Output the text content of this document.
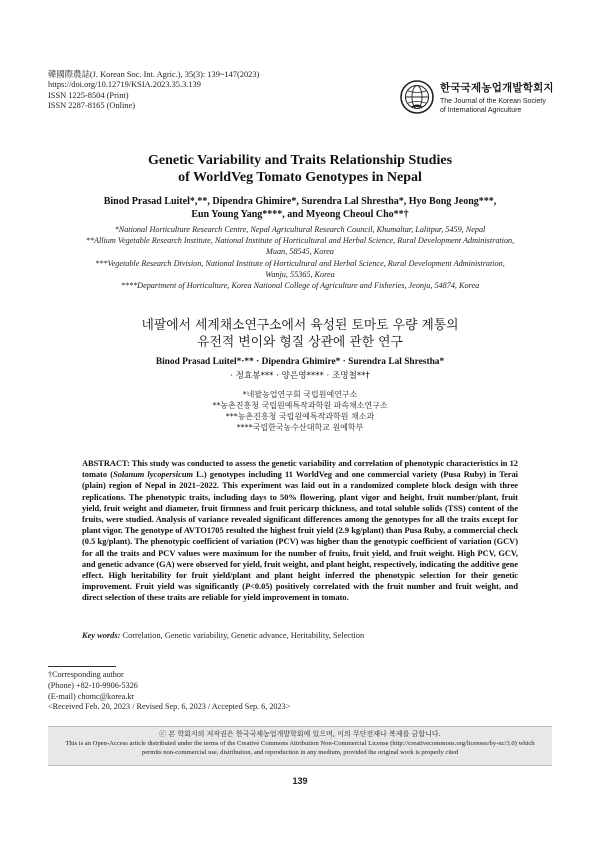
韓國際農誌(J. Korean Soc. Int. Agric.), 35(3): 139~147(2023)
https://doi.org/10.12719/KSIA.2023.35.3.139
ISSN 1225-8504 (Print)
ISSN 2287-8165 (Online)
한국국제농업개발학회지
The Journal of the Korean Society
of International Agriculture
Genetic Variability and Traits Relationship Studies
of WorldVeg Tomato Genotypes in Nepal
Binod Prasad Luitel*,**, Dipendra Ghimire*, Surendra Lal Shrestha*, Hyo Bong Jeong***,
Eun Young Yang****, and Myeong Cheoul Cho**†
*National Horticulture Research Centre, Nepal Agricultural Research Council, Khumaltar, Lalitpur, 5459, Nepal
**Allium Vegetable Research Institute, National Institute of Horticultural and Herbal Science, Rural Development Administration,
Muan, 58545, Korea
***Vegetable Research Division, National Institute of Horticultural and Herbal Science, Rural Development Administration,
Wanju, 55365, Korea
****Department of Horticulture, Korea National College of Agriculture and Fisheries, Jeonju, 54874, Korea
네팔에서 세계채소연구소에서 육성된 토마토 우량 계통의
유전적 변이와 형질 상관에 관한 연구
Binod Prasad Luitel*·** · Dipendra Ghimire* · Surendra Lal Shrestha*
· 정효봉*** · 양은영**** · 조명철**†
*네팔농업연구회 국립원예연구소
**농촌진흥청 국립원예특작과학원 파속채소연구소
***농촌진흥청 국립원예특작과학원 채소과
****국립한국농수산대학교 원예학부
ABSTRACT: This study was conducted to assess the genetic variability and correlation of phenotypic characteristics in 12 tomato (Solanum lycopersicum L.) genotypes including 11 WorldVeg and one commercial variety (Pusa Ruby) in Terai (plain) region of Nepal in 2021–2022. This experiment was laid out in a randomized complete block design with three replications. The phenotypic traits, including days to 50% flowering, plant vigor and height, fruit number/plant, fruit yield, fruit weight and diameter, fruit firmness and fruit pericarp thickness, and total soluble solids (TSS) content of the fruits, were studied. Analysis of variance revealed significant differences among the genotypes for all the traits except for plant vigor. The genotype of AVTO1705 resulted the highest fruit yield (2.9 kg/plant) than Pusa Ruby, a commercial check (0.5 kg/plant). The phenotypic coefficient of variation (PCV) was higher than the genotypic coefficient of variation (GCV) for all the traits and PCV values were maximum for the number of fruits, fruit yield, and fruit weight. High PCV, GCV, and genetic advance (GA) were observed for yield, fruit weight, and plant height, respectively, indicating the additive gene effect. High heritability for fruit yield/plant and plant height inferred the phenotypic selection for their genetic improvement. Fruit yield was significantly (P<0.05) positively correlated with the fruit number and fruit weight, and direct selection of these traits are reliable for yield improvement in tomato.
Key words: Correlation, Genetic variability, Genetic advance, Heritability, Selection
†Corresponding author
(Phone) +82-10-9906-5326
(E-mail) chomc@korea.kr
<Received Feb. 20, 2023 / Revised Sep. 6, 2023 / Accepted Sep. 6, 2023>
ⓒ 본 학회지의 저작권은 한국국제농업개발학회에 있으며, 이의 무단전재나 복제를 금합니다.
This is an Open-Access article distributed under the terms of the Creative Commons Attribution Non-Commercial License (http://creativecommons.org/licenses/by-nc/3.0) which
permits non-commercial use, distribution, and reproduction in any medium, provided the original work is properly cited
139
